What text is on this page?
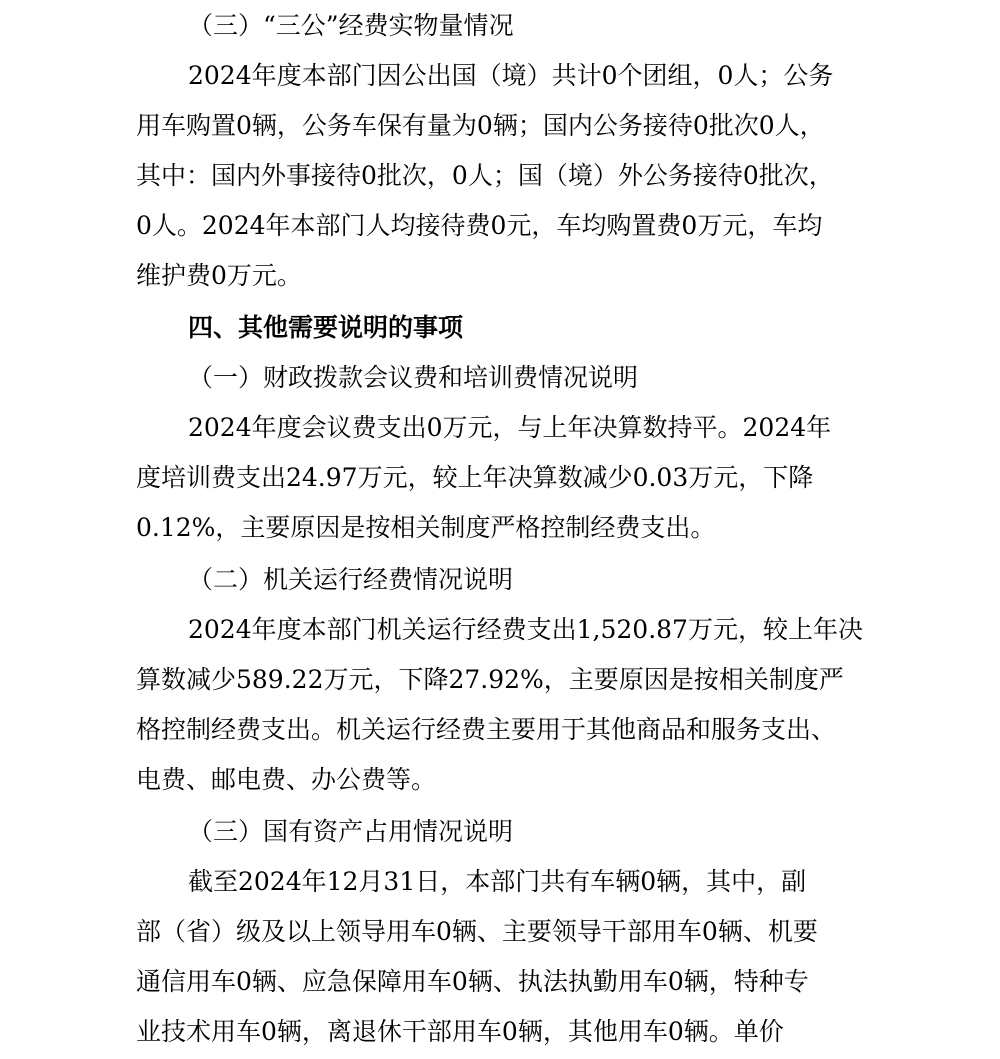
（三）“三公”经费实物量情况
2024年度本部门因公出国（境）共计0个团组，0人；公务
用车购置0辆，公务车保有量为0辆；国内公务接待0批次0人，
其中：国内外事接待0批次，0人；国（境）外公务接待0批次，
0人。2024年本部门人均接待费0元，车均购置费0万元，车均
维护费0万元。
四、其他需要说明的事项
（一）财政拨款会议费和培训费情况说明
2024年度会议费支出0万元，与上年决算数持平。2024年
度培训费支出24.97万元，较上年决算数减少0.03万元，下降
0.12%，主要原因是按相关制度严格控制经费支出。
（二）机关运行经费情况说明
2024年度本部门机关运行经费支出1,520.87万元，较上年决
算数减少589.22万元，下降27.92%，主要原因是按相关制度严
格控制经费支出。机关运行经费主要用于其他商品和服务支出、
电费、邮电费、办公费等。
（三）国有资产占用情况说明
截至2024年12月31日，本部门共有车辆0辆，其中，副
部（省）级及以上领导用车0辆、主要领导干部用车0辆、机要
通信用车0辆、应急保障用车0辆、执法执勤用车0辆，特种专
业技术用车0辆，离退休干部用车0辆，其他用车0辆。单价
